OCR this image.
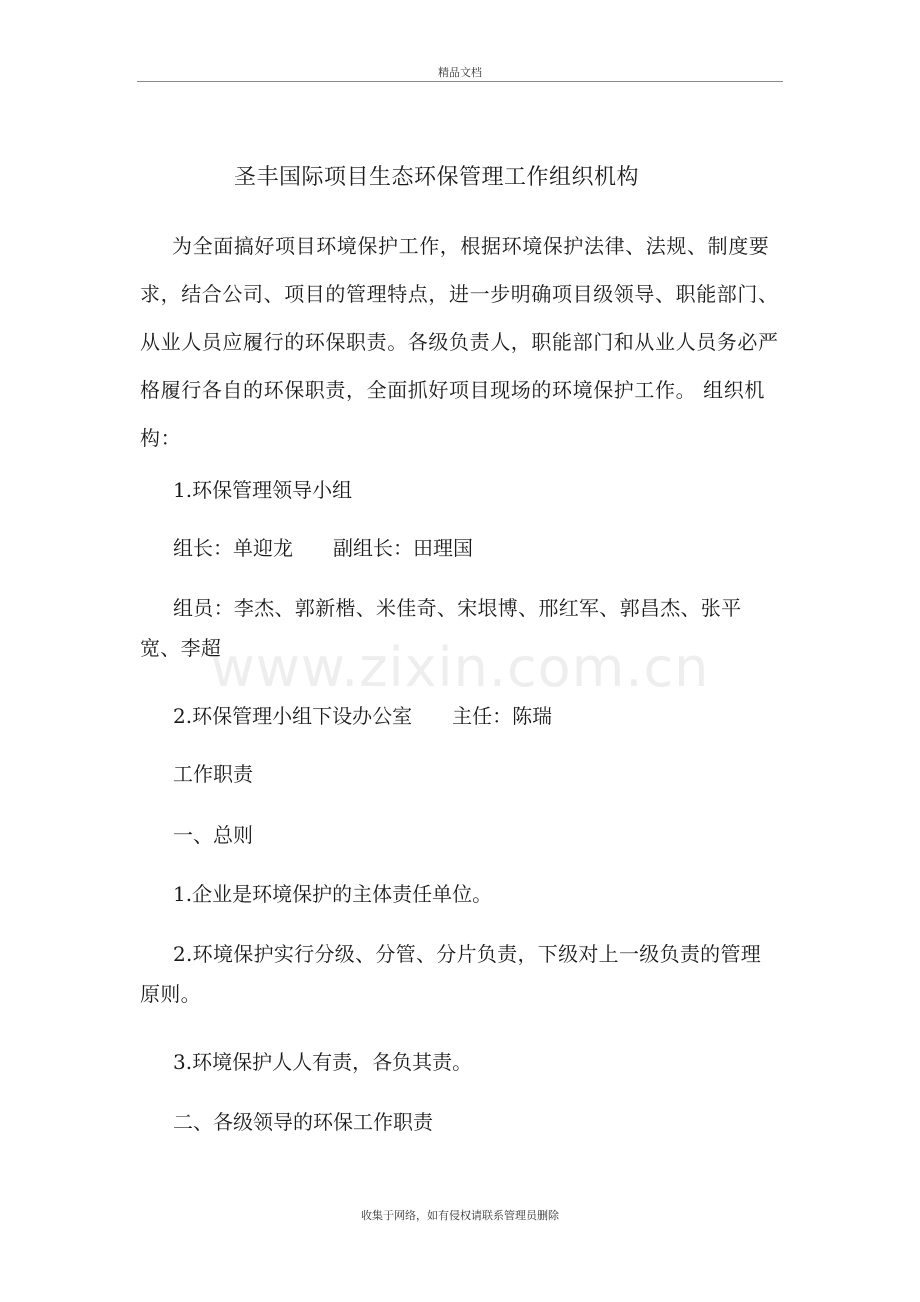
精品文档
圣丰国际项目生态环保管理工作组织机构

为全面搞好项目环境保护工作，根据环境保护法律、法规、制度要求，结合公司、项目的管理特点，进一步明确项目级领导、职能部门、从业人员应履行的环保职责。各级负责人，职能部门和从业人员务必严格履行各自的环保职责，全面抓好项目现场的环境保护工作。 组织机构：

1.环保管理领导小组

组长：单迎龙 副组长：田理国

组员：李杰、郭新楷、米佳奇、宋垠博、邢红军、郭昌杰、张平宽、李超

www.zixin.com.cn

2.环保管理小组下设办公室 主任：陈瑞

工作职责

一、总则

1.企业是环境保护的主体责任单位。

2.环境保护实行分级、分管、分片负责，下级对上一级负责的管理原则。

3.环境保护人人有责，各负其责。

二、各级领导的环保工作职责

收集于网络，如有侵权请联系管理员删除
